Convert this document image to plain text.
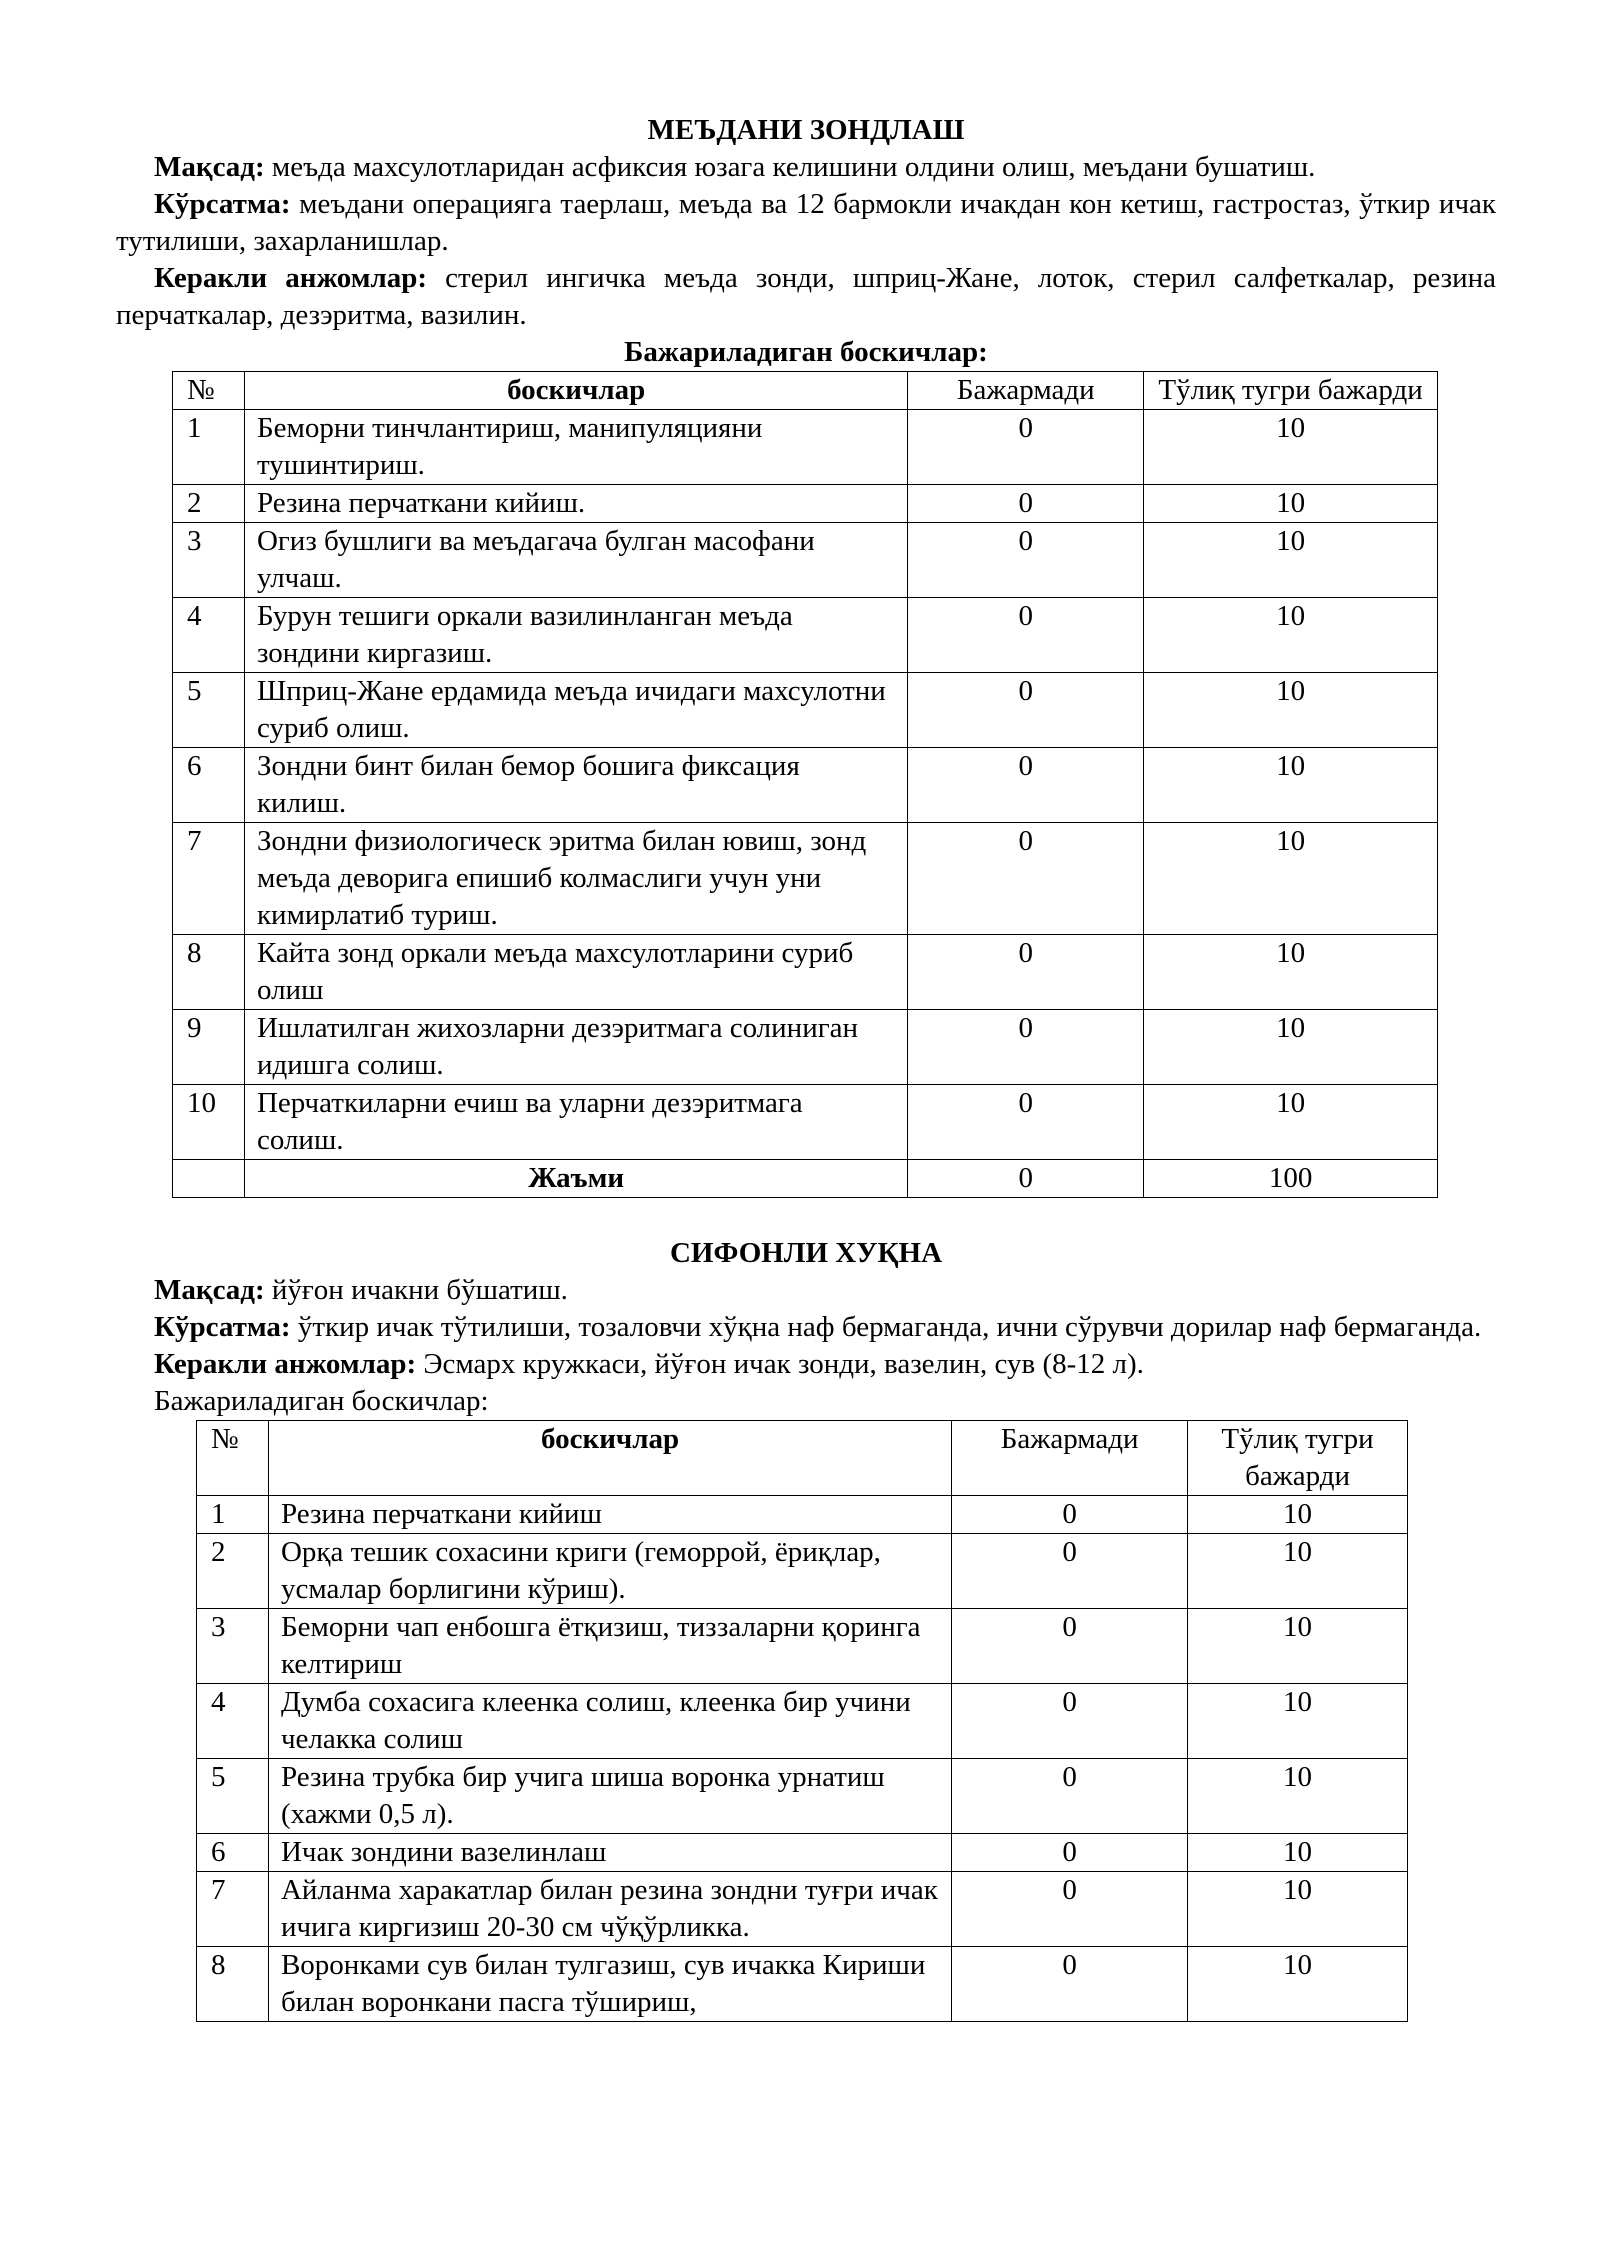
МЕЪДАНИ ЗОНДЛАШ

Мақсад: меъда махсулотларидан асфиксия юзага келишини олдини олиш, меъдани бушатиш.

Кўрсатма: меъдани операцияга таерлаш, меъда ва 12 бармокли ичакдан кон кетиш, гастростаз, ўткир ичак тутилиши, захарланишлар.

Керакли анжомлар: стерил ингичка меъда зонди, шприц-Жане, лоток, стерил салфеткалар, резина перчаткалар, дезэритма, вазилин.

Бажариладиган боскичлар:

№	боскичлар	Бажармади	Тўлиқ тугри бажарди
1	Беморни тинчлантириш, манипуляцияни тушинтириш.	0	10
2	Резина перчаткани кийиш.	0	10
3	Огиз бушлиги ва меъдагача булган масофани улчаш.	0	10
4	Бурун тешиги оркали вазилинланган меъда зондини киргазиш.	0	10
5	Шприц-Жане ердамида меъда ичидаги махсулотни суриб олиш.	0	10
6	Зондни бинт билан бемор бошига фиксация килиш.	0	10
7	Зондни физиологическ эритма билан ювиш, зонд меъда деворига епишиб колмаслиги учун уни кимирлатиб туриш.	0	10
8	Кайта зонд оркали меъда махсулотларини суриб олиш	0	10
9	Ишлатилган жихозларни дезэритмага солиниган идишга солиш.	0	10
10	Перчаткиларни ечиш ва уларни дезэритмага солиш.	0	10
	Жаъми	0	100
СИФОНЛИ ХУҚНА

Мақсад: йўғон ичакни бўшатиш.

Кўрсатма: ўткир ичак тўтилиши, тозаловчи хўқна наф бермаганда, ични сўрувчи дорилар наф бермаганда.

Керакли анжомлар: Эсмарх кружкаси, йўғон ичак зонди, вазелин, сув (8-12 л).

Бажариладиган боскичлар:

№	боскичлар	Бажармади	Тўлиқ тугри бажарди
1	Резина перчаткани кийиш	0	10
2	Орқа тешик сохасини криги (геморрой, ёриқлар, усмалар борлигини кўриш).	0	10
3	Беморни чап енбошга ётқизиш, тиззаларни қоринга келтириш	0	10
4	Думба сохасига клеенка солиш, клеенка бир учини челакка солиш	0	10
5	Резина трубка бир учига шиша воронка урнатиш (хажми 0,5 л).	0	10
6	Ичак зондини вазелинлаш	0	10
7	Айланма харакатлар билан резина зондни туғри ичак ичига киргизиш 20-30 см чўқўрликка.	0	10
8	Воронками сув билан тулгазиш, сув ичакка Кириши билан воронкани пасга тўшириш,	0	10
